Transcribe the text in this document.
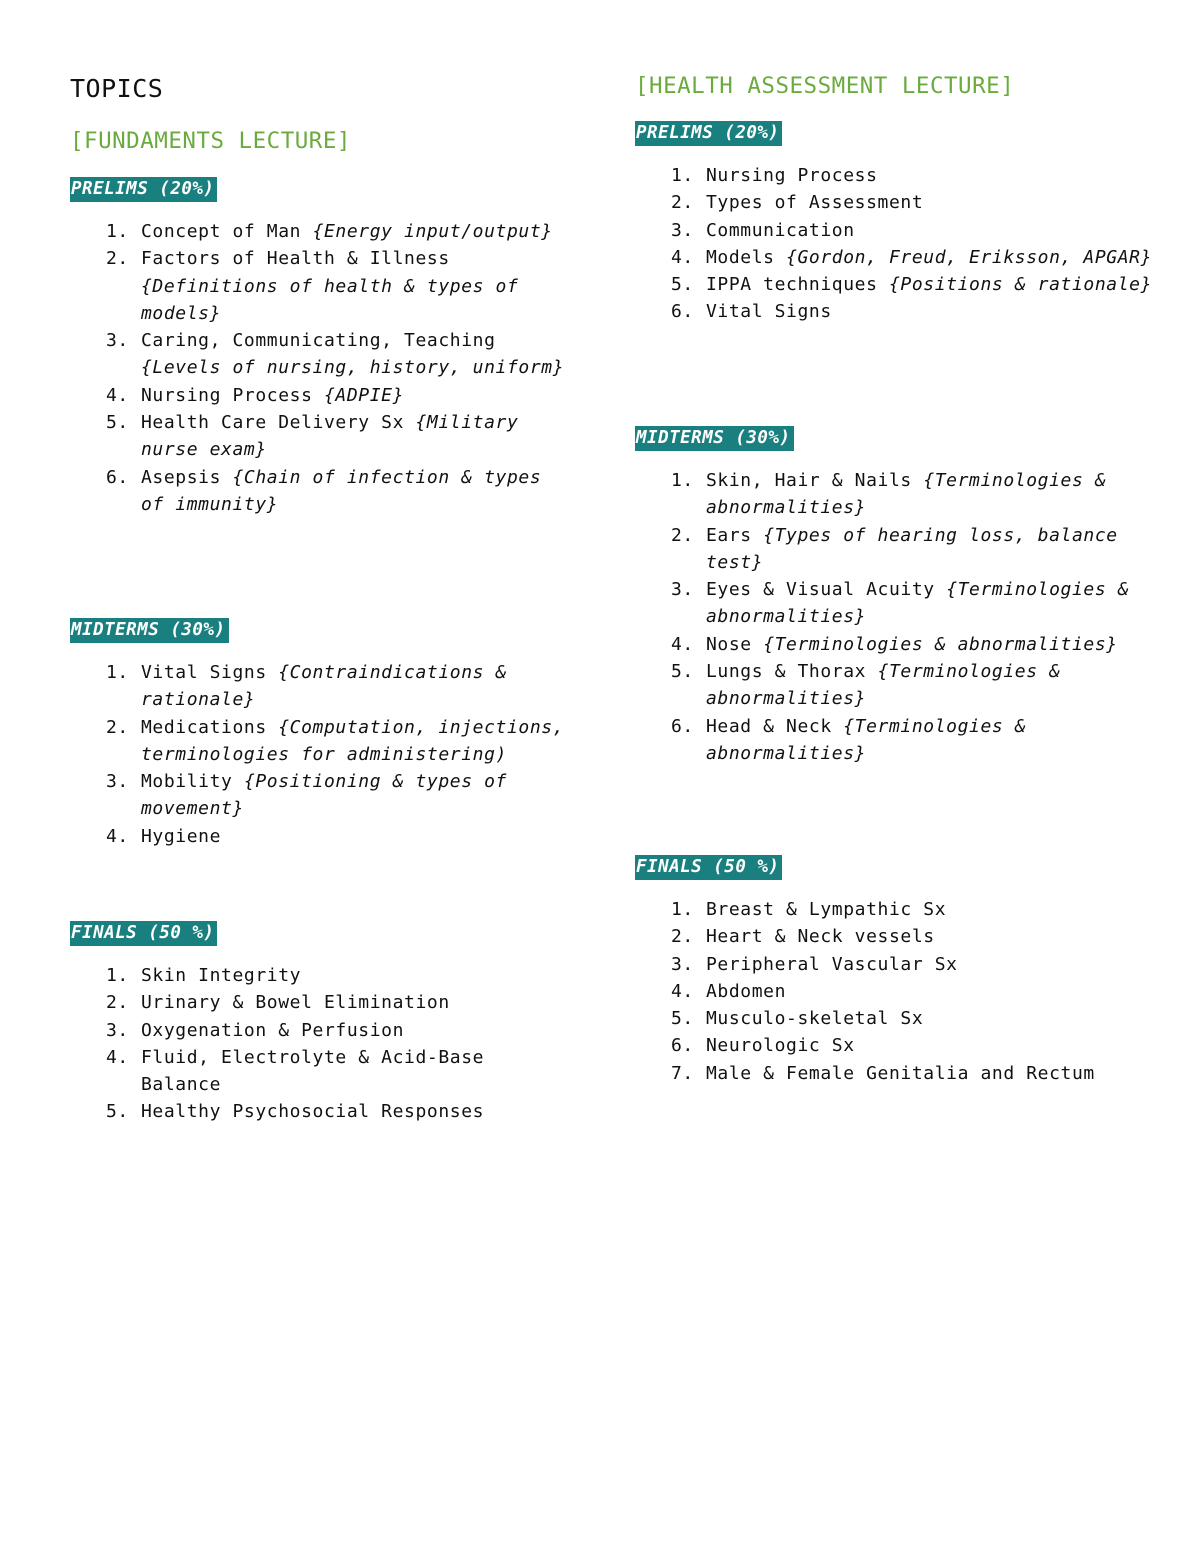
TOPICS
[FUNDAMENTS LECTURE]
PRELIMS (20%)
1. Concept of Man {Energy input/output}
2. Factors of Health & Illness {Definitions of health & types of models}
3. Caring, Communicating, Teaching {Levels of nursing, history, uniform}
4. Nursing Process {ADPIE}
5. Health Care Delivery Sx {Military nurse exam}
6. Asepsis {Chain of infection & types of immunity}
MIDTERMS (30%)
1. Vital Signs {Contraindications & rationale}
2. Medications {Computation, injections, terminologies for administering)
3. Mobility {Positioning & types of movement}
4. Hygiene
FINALS (50 %)
1. Skin Integrity
2. Urinary & Bowel Elimination
3. Oxygenation & Perfusion
4. Fluid, Electrolyte & Acid-Base Balance
5. Healthy Psychosocial Responses
[HEALTH ASSESSMENT LECTURE]
PRELIMS (20%)
1. Nursing Process
2. Types of Assessment
3. Communication
4. Models {Gordon, Freud, Eriksson, APGAR}
5. IPPA techniques {Positions & rationale}
6. Vital Signs
MIDTERMS (30%)
1. Skin, Hair & Nails {Terminologies & abnormalities}
2. Ears {Types of hearing loss, balance test}
3. Eyes & Visual Acuity {Terminologies & abnormalities}
4. Nose {Terminologies & abnormalities}
5. Lungs & Thorax {Terminologies & abnormalities}
6. Head & Neck {Terminologies & abnormalities}
FINALS (50 %)
1. Breast & Lympathic Sx
2. Heart & Neck vessels
3. Peripheral Vascular Sx
4. Abdomen
5. Musculo-skeletal Sx
6. Neurologic Sx
7. Male & Female Genitalia and Rectum
